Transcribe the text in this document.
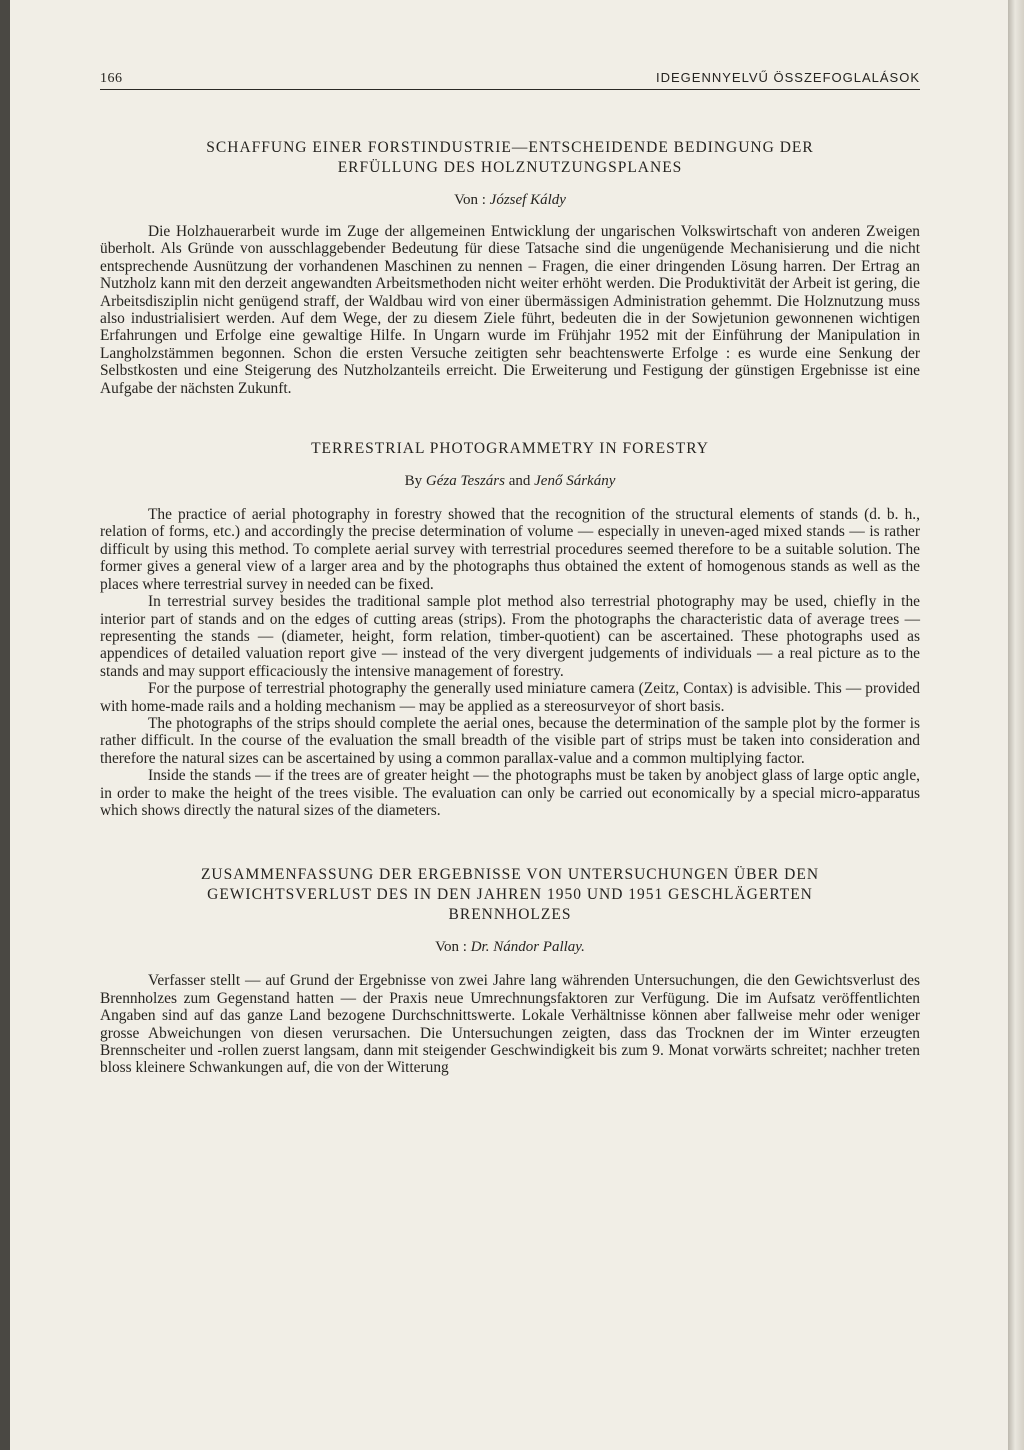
166	IDEGENNYELVŰ ÖSSZEFOGLALÁSOK
SCHAFFUNG EINER FORSTINDUSTRIE—ENTSCHEIDENDE BEDINGUNG DER
ERFÜLLUNG DES HOLZNUTZUNGSPLANES
Von : József Káldy

Die Holzhauerarbeit wurde im Zuge der allgemeinen Entwicklung der ungarischen Volkswirtschaft von anderen Zweigen überholt. Als Gründe von ausschlaggebender Bedeutung für diese Tatsache sind die ungenügende Mechanisierung und die nicht entsprechende Ausnützung der vorhandenen Maschinen zu nennen – Fragen, die einer dringenden Lösung harren. Der Ertrag an Nutzholz kann mit den derzeit angewandten Arbeitsmethoden nicht weiter erhöht werden. Die Produktivität der Arbeit ist gering, die Arbeitsdisziplin nicht genügend straff, der Waldbau wird von einer übermässigen Administration gehemmt. Die Holznutzung muss also industrialisiert werden. Auf dem Wege, der zu diesem Ziele führt, bedeuten die in der Sowjetunion gewonnenen wichtigen Erfahrungen und Erfolge eine gewaltige Hilfe. In Ungarn wurde im Frühjahr 1952 mit der Einführung der Manipulation in Langholzstämmen begonnen. Schon die ersten Versuche zeitigten sehr beachtenswerte Erfolge : es wurde eine Senkung der Selbstkosten und eine Steigerung des Nutzholzanteils erreicht. Die Erweiterung und Festigung der günstigen Ergebnisse ist eine Aufgabe der nächsten Zukunft.

TERRESTRIAL PHOTOGRAMMETRY IN FORESTRY
By Géza Teszárs and Jenő Sárkány

The practice of aerial photography in forestry showed that the recognition of the structural elements of stands (d. b. h., relation of forms, etc.) and accordingly the precise determination of volume — especially in uneven-aged mixed stands — is rather difficult by using this method. To complete aerial survey with terrestrial procedures seemed therefore to be a suitable solution. The former gives a general view of a larger area and by the photographs thus obtained the extent of homogenous stands as well as the places where terrestrial survey in needed can be fixed.

In terrestrial survey besides the traditional sample plot method also terrestrial photography may be used, chiefly in the interior part of stands and on the edges of cutting areas (strips). From the photographs the characteristic data of average trees — representing the stands — (diameter, height, form relation, timber-quotient) can be ascertained. These photographs used as appendices of detailed valuation report give — instead of the very divergent judgements of individuals — a real picture as to the stands and may support efficaciously the intensive management of forestry.

For the purpose of terrestrial photography the generally used miniature camera (Zeitz, Contax) is advisible. This — provided with home-made rails and a holding mechanism — may be applied as a stereosurveyor of short basis.

The photographs of the strips should complete the aerial ones, because the determination of the sample plot by the former is rather difficult. In the course of the evaluation the small breadth of the visible part of strips must be taken into consideration and therefore the natural sizes can be ascertained by using a common parallax-value and a common multiplying factor.

Inside the stands — if the trees are of greater height — the photographs must be taken by anobject glass of large optic angle, in order to make the height of the trees visible. The evaluation can only be carried out economically by a special micro-apparatus which shows directly the natural sizes of the diameters.

ZUSAMMENFASSUNG DER ERGEBNISSE VON UNTERSUCHUNGEN ÜBER DEN
GEWICHTSVERLUST DES IN DEN JAHREN 1950 UND 1951 GESCHLÄGERTEN
BRENNHOLZES
Von : Dr. Nándor Pallay.

Verfasser stellt — auf Grund der Ergebnisse von zwei Jahre lang währenden Untersuchungen, die den Gewichtsverlust des Brennholzes zum Gegenstand hatten — der Praxis neue Umrechnungsfaktoren zur Verfügung. Die im Aufsatz veröffentlichten Angaben sind auf das ganze Land bezogene Durchschnittswerte. Lokale Verhältnisse können aber fallweise mehr oder weniger grosse Abweichungen von diesen verursachen. Die Untersuchungen zeigten, dass das Trocknen der im Winter erzeugten Brennscheiter und -rollen zuerst langsam, dann mit steigender Geschwindigkeit bis zum 9. Monat vorwärts schreitet; nachher treten bloss kleinere Schwankungen auf, die von der Witterung
